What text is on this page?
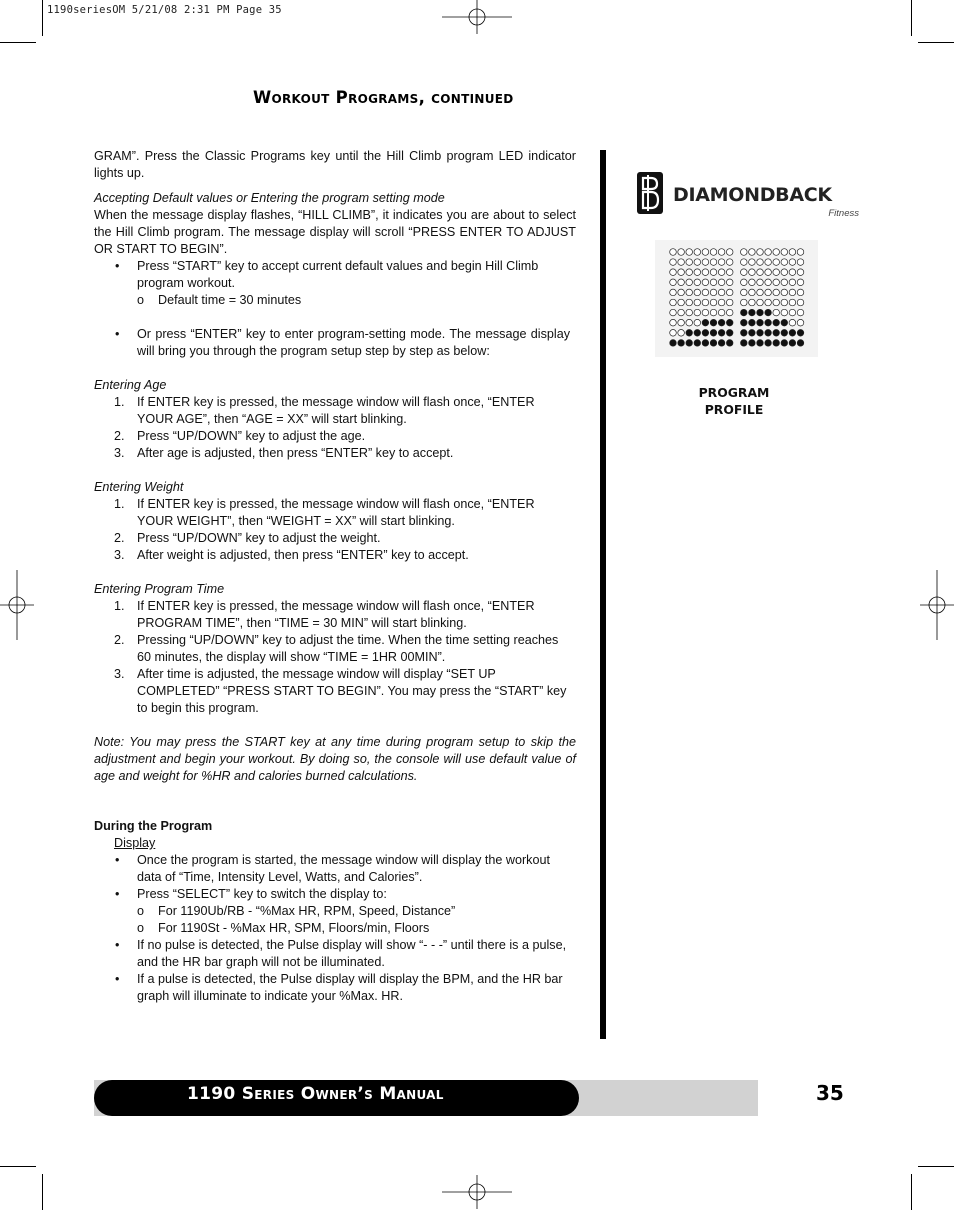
1190seriesOM 5/21/08 2:31 PM Page 35
Workout Programs, continued

GRAM”. Press the Classic Programs key until the Hill Climb program LED indicator lights up.

Accepting Default values or Entering the program setting mode

When the message display flashes, “HILL CLIMB”, it indicates you are about to select the Hill Climb program. The message display will scroll “PRESS ENTER TO ADJUST OR START TO BEGIN”.

•	Press “START” key to accept current default values and begin Hill Climb program workout.
o	Default time = 30 minutes
•	Or press “ENTER” key to enter program-setting mode. The message display will bring you through the program setup step by step as below:

Entering Age

1. If ENTER key is pressed, the message window will flash once, “ENTER YOUR AGE”, then “AGE = XX” will start blinking.
2. Press “UP/DOWN” key to adjust the age.
3. After age is adjusted, then press “ENTER” key to accept.

Entering Weight

1. If ENTER key is pressed, the message window will flash once, “ENTER YOUR WEIGHT”, then “WEIGHT = XX” will start blinking.
2. Press “UP/DOWN” key to adjust the weight.
3. After weight is adjusted, then press “ENTER” key to accept.

Entering Program Time

1. If ENTER key is pressed, the message window will flash once, “ENTER PROGRAM TIME”, then “TIME = 30 MIN” will start blinking.
2. Pressing “UP/DOWN” key to adjust the time. When the time setting reaches 60 minutes, the display will show “TIME = 1HR 00MIN”.
3. After time is adjusted, the message window will display “SET UP COMPLETED” “PRESS START TO BEGIN”. You may press the “START” key to begin this program.

Note: You may press the START key at any time during program setup to skip the adjustment and begin your workout. By doing so, the console will use default value of age and weight for %HR and calories burned calculations.

During the Program

Display

•	Once the program is started, the message window will display the workout data of “Time, Intensity Level, Watts, and Calories”.
•	Press “SELECT” key to switch the display to:
o	For 1190Ub/RB - “%Max HR, RPM, Speed, Distance”
o	For 1190St - %Max HR, SPM, Floors/min, Floors
•	If no pulse is detected, the Pulse display will show “- - -” until there is a pulse, and the HR bar graph will not be illuminated.
•	If a pulse is detected, the Pulse display will display the BPM, and the HR bar graph will illuminate to indicate your %Max. HR.
DIAMONDBACK
Fitness
PROGRAM
PROFILE
1190 Series Owner’s Manual	35
